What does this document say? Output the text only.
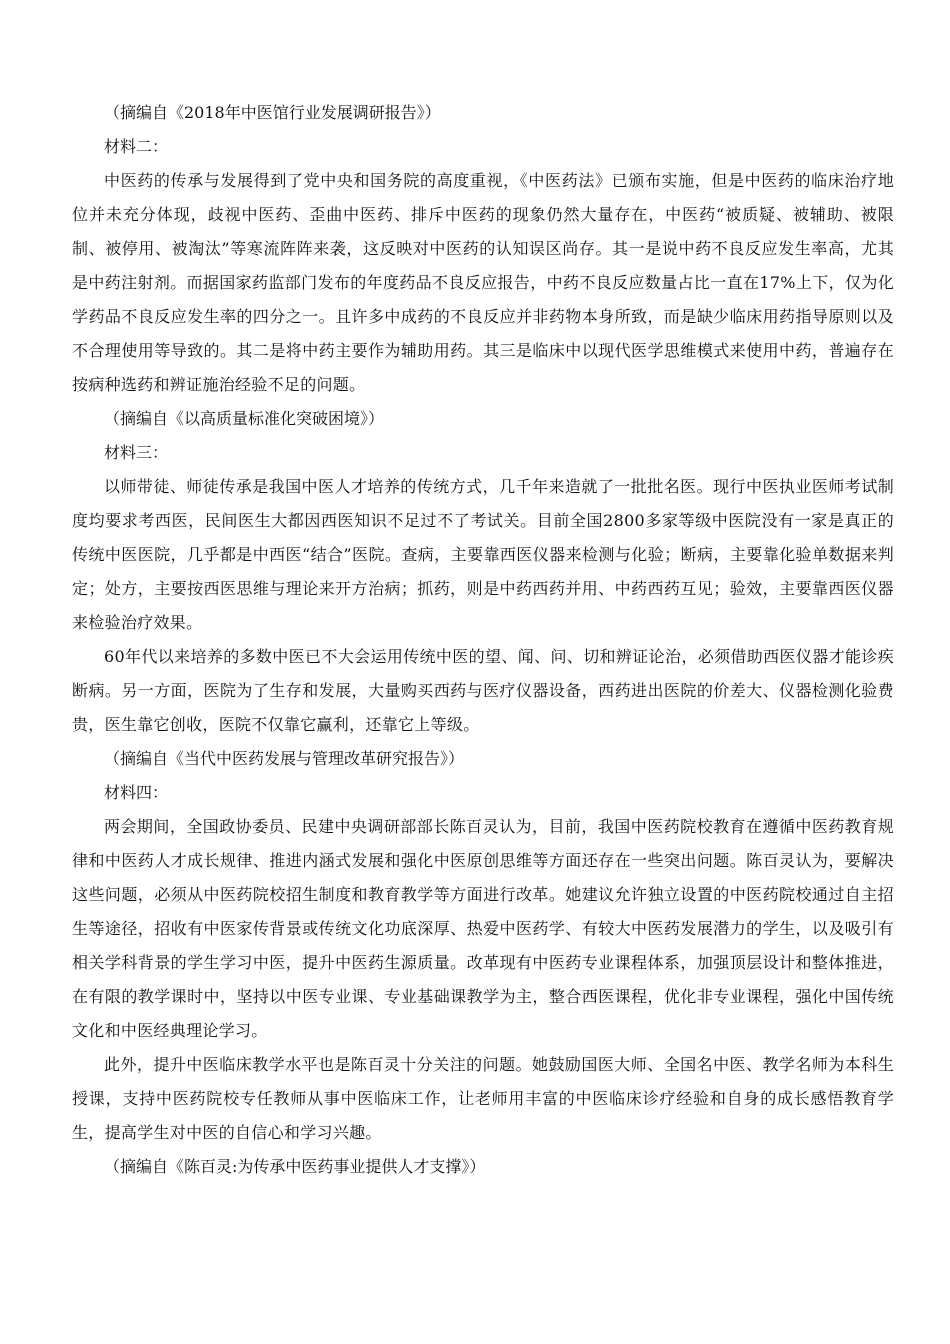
（摘编自《2018年中医馆行业发展调研报告》）

材料二：

中医药的传承与发展得到了党中央和国务院的高度重视，《中医药法》已颁布实施，但是中医药的临床治疗地位并未充分体现，歧视中医药、歪曲中医药、排斥中医药的现象仍然大量存在，中医药“被质疑、被辅助、被限制、被停用、被淘汰”等寒流阵阵来袭，这反映对中医药的认知误区尚存。其一是说中药不良反应发生率高，尤其是中药注射剂。而据国家药监部门发布的年度药品不良反应报告，中药不良反应数量占比一直在17%上下，仅为化学药品不良反应发生率的四分之一。且许多中成药的不良反应并非药物本身所致，而是缺少临床用药指导原则以及不合理使用等导致的。其二是将中药主要作为辅助用药。其三是临床中以现代医学思维模式来使用中药，普遍存在按病种选药和辨证施治经验不足的问题。

（摘编自《以高质量标准化突破困境》）

材料三：

以师带徒、师徒传承是我国中医人才培养的传统方式，几千年来造就了一批批名医。现行中医执业医师考试制度均要求考西医，民间医生大都因西医知识不足过不了考试关。目前全国2800多家等级中医院没有一家是真正的传统中医医院，几乎都是中西医“结合”医院。查病，主要靠西医仪器来检测与化验；断病，主要靠化验单数据来判定；处方，主要按西医思维与理论来开方治病；抓药，则是中药西药并用、中药西药互见；验效，主要靠西医仪器来检验治疗效果。

60年代以来培养的多数中医已不大会运用传统中医的望、闻、问、切和辨证论治，必须借助西医仪器才能诊疾断病。另一方面，医院为了生存和发展，大量购买西药与医疗仪器设备，西药进出医院的价差大、仪器检测化验费贵，医生靠它创收，医院不仅靠它赢利，还靠它上等级。

（摘编自《当代中医药发展与管理改革研究报告》）

材料四：

两会期间，全国政协委员、民建中央调研部部长陈百灵认为，目前，我国中医药院校教育在遵循中医药教育规律和中医药人才成长规律、推进内涵式发展和强化中医原创思维等方面还存在一些突出问题。陈百灵认为，要解决这些问题，必须从中医药院校招生制度和教育教学等方面进行改革。她建议允许独立设置的中医药院校通过自主招生等途径，招收有中医家传背景或传统文化功底深厚、热爱中医药学、有较大中医药发展潜力的学生，以及吸引有相关学科背景的学生学习中医，提升中医药生源质量。改革现有中医药专业课程体系，加强顶层设计和整体推进，在有限的教学课时中，坚持以中医专业课、专业基础课教学为主，整合西医课程，优化非专业课程，强化中国传统文化和中医经典理论学习。

此外，提升中医临床教学水平也是陈百灵十分关注的问题。她鼓励国医大师、全国名中医、教学名师为本科生授课，支持中医药院校专任教师从事中医临床工作，让老师用丰富的中医临床诊疗经验和自身的成长感悟教育学生，提高学生对中医的自信心和学习兴趣。

（摘编自《陈百灵:为传承中医药事业提供人才支撑》）
